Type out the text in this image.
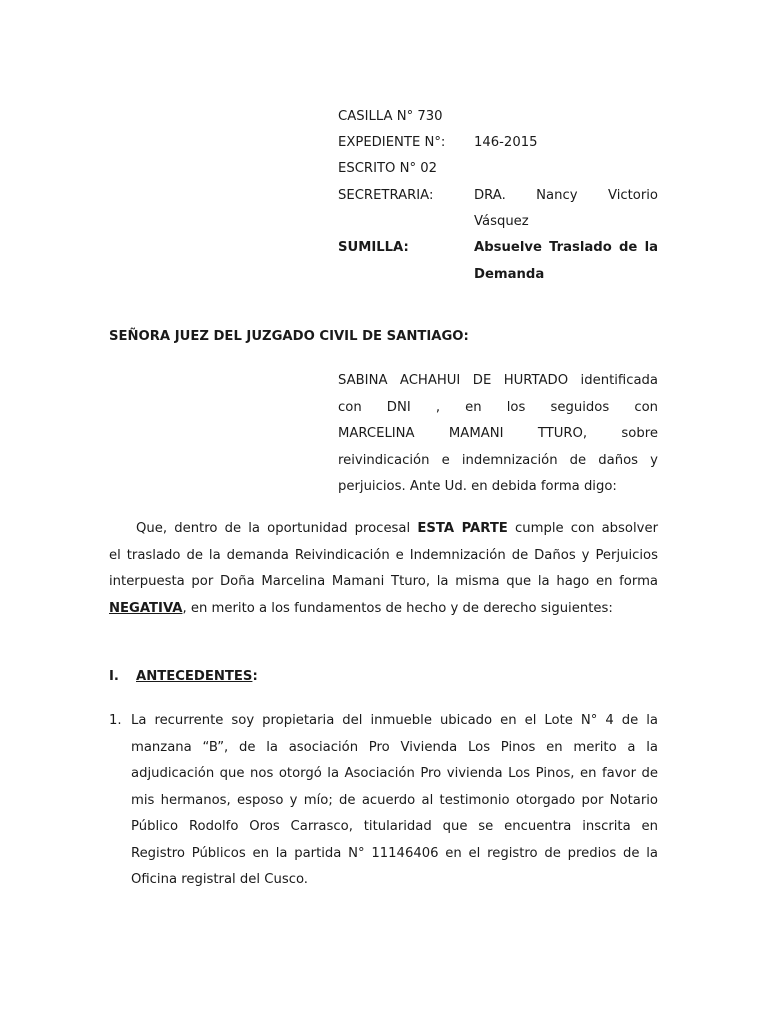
CASILLA N° 730
EXPEDIENTE N°: 146-2015
ESCRITO N° 02
SECRETRARIA:	DRA. Nancy Victorio
Vásquez
SUMILLA:	Absuelve Traslado de la
Demanda
SEÑORA JUEZ DEL JUZGADO CIVIL DE SANTIAGO:
SABINA ACHAHUI DE HURTADO identificada
con DNI , en los seguidos con
MARCELINA MAMANI TTURO, sobre
reivindicación e indemnización de daños y
perjuicios. Ante Ud. en debida forma digo:
Que, dentro de la oportunidad procesal ESTA PARTE cumple con absolver
el traslado de la demanda Reivindicación e Indemnización de Daños y Perjuicios
interpuesta por Doña Marcelina Mamani Tturo, la misma que la hago en forma
NEGATIVA, en merito a los fundamentos de hecho y de derecho siguientes:
I. ANTECEDENTES:
1. La recurrente soy propietaria del inmueble ubicado en el Lote N° 4 de la
manzana “B”, de la asociación Pro Vivienda Los Pinos en merito a la
adjudicación que nos otorgó la Asociación Pro vivienda Los Pinos, en favor de
mis hermanos, esposo y mío; de acuerdo al testimonio otorgado por Notario
Público Rodolfo Oros Carrasco, titularidad que se encuentra inscrita en
Registro Públicos en la partida N° 11146406 en el registro de predios de la
Oficina registral del Cusco.
